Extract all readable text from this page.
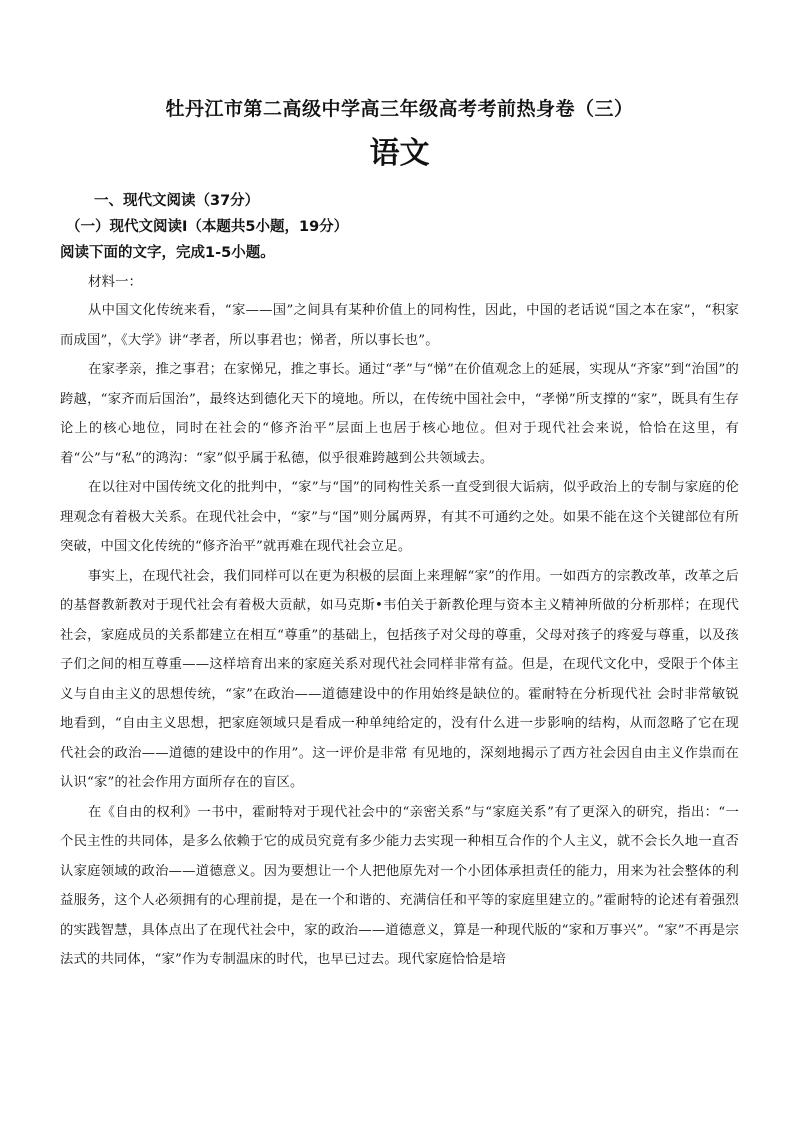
牡丹江市第二高级中学高三年级高考考前热身卷（三）
语文
一、现代文阅读（37分）
（一）现代文阅读Ⅰ（本题共5小题，19分）
阅读下面的文字，完成1-5小题。
材料一：

从中国文化传统来看，“家——国”之间具有某种价值上的同构性，因此，中国的老话说“国之本在家”，“积家而成国”，《大学》讲“孝者，所以事君也；悌者，所以事长也”。

在家孝亲，推之事君；在家悌兄，推之事长。通过“孝”与“悌”在价值观念上的延展，实现从“齐家”到“治国”的跨越，“家齐而后国治”，最终达到德化天下的境地。所以，在传统中国社会中，“孝悌”所支撑的“家”，既具有生存论上的核心地位，同时在社会的“修齐治平”层面上也居于核心地位。但对于现代社会来说，恰恰在这里，有着“公”与“私”的鸿沟：“家”似乎属于私德，似乎很难跨越到公共领域去。

在以往对中国传统文化的批判中，“家”与“国”的同构性关系一直受到很大诟病，似乎政治上的专制与家庭的伦理观念有着极大关系。在现代社会中，“家”与“国”则分属两界，有其不可通约之处。如果不能在这个关键部位有所突破，中国文化传统的“修齐治平”就再难在现代社会立足。

事实上，在现代社会，我们同样可以在更为积极的层面上来理解“家”的作用。一如西方的宗教改革，改革之后的基督教新教对于现代社会有着极大贡献，如马克斯•韦伯关于新教伦理与资本主义精神所做的分析那样；在现代社会，家庭成员的关系都建立在相互“尊重”的基础上，包括孩子对父母的尊重，父母对孩子的疼爱与尊重，以及孩子们之间的相互尊重——这样培育出来的家庭关系对现代社会同样非常有益。但是，在现代文化中，受限于个体主义与自由主义的思想传统，“家”在政治——道德建设中的作用始终是缺位的。霍耐特在分析现代社 会时非常敏锐地看到，“自由主义思想，把家庭领域只是看成一种单纯给定的，没有什么进一步影响的结构，从而忽略了它在现代社会的政治——道德的建设中的作用”。这一评价是非常 有见地的，深刻地揭示了西方社会因自由主义作祟而在认识“家”的社会作用方面所存在的盲区。

在《自由的权利》一书中，霍耐特对于现代社会中的“亲密关系”与“家庭关系”有了更深入的研究，指出：“一个民主性的共同体，是多么依赖于它的成员究竟有多少能力去实现一种相互合作的个人主义，就不会长久地一直否认家庭领域的政治——道德意义。因为要想让一个人把他原先对一个小团体承担责任的能力，用来为社会整体的利益服务，这个人必须拥有的心理前提，是在一个和谐的、充满信任和平等的家庭里建立的。”霍耐特的论述有着强烈的实践智慧，具体点出了在现代社会中，家的政治——道德意义，算是一种现代版的“家和万事兴”。“家”不再是宗法式的共同体，“家”作为专制温床的时代，也早已过去。现代家庭恰恰是培
